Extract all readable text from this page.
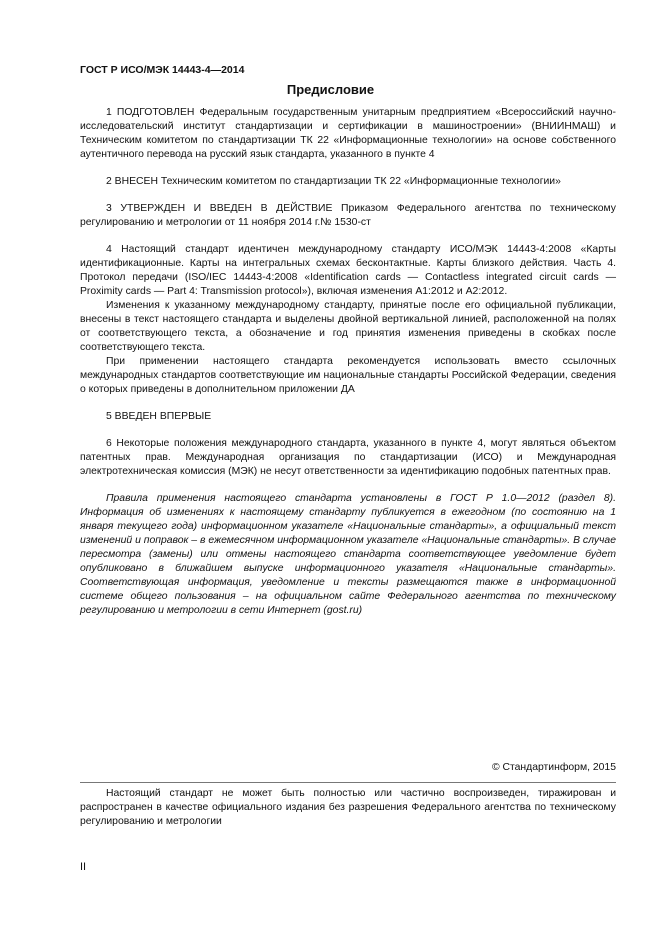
ГОСТ Р ИСО/МЭК 14443-4—2014
Предисловие

1 ПОДГОТОВЛЕН Федеральным государственным унитарным предприятием «Всероссийский научно-исследовательский институт стандартизации и сертификации в машиностроении» (ВНИИНМАШ) и Техническим комитетом по стандартизации ТК 22 «Информационные технологии» на основе собственного аутентичного перевода на русский язык стандарта, указанного в пункте 4

2 ВНЕСЕН Техническим комитетом по стандартизации ТК 22 «Информационные технологии»

3 УТВЕРЖДЕН И ВВЕДЕН В ДЕЙСТВИЕ Приказом Федерального агентства по техническому регулированию и метрологии от 11 ноября 2014 г.№ 1530-ст

4 Настоящий стандарт идентичен международному стандарту ИСО/МЭК 14443-4:2008 «Карты идентификационные. Карты на интегральных схемах бесконтактные. Карты близкого действия. Часть 4. Протокол передачи (ISO/IEC 14443-4:2008 «Identification cards — Contactless integrated circuit cards — Proximity cards — Part 4: Transmission protocol»), включая изменения А1:2012 и А2:2012.

Изменения к указанному международному стандарту, принятые после его официальной публикации, внесены в текст настоящего стандарта и выделены двойной вертикальной линией, расположенной на полях от соответствующего текста, а обозначение и год принятия изменения приведены в скобках после соответствующего текста.

При применении настоящего стандарта рекомендуется использовать вместо ссылочных международных стандартов соответствующие им национальные стандарты Российской Федерации, сведения о которых приведены в дополнительном приложении ДА

5 ВВЕДЕН ВПЕРВЫЕ

6 Некоторые положения международного стандарта, указанного в пункте 4, могут являться объектом патентных прав. Международная организация по стандартизации (ИСО) и Международная электротехническая комиссия (МЭК) не несут ответственности за идентификацию подобных патентных прав.

Правила применения настоящего стандарта установлены в ГОСТ Р 1.0—2012 (раздел 8). Информация об изменениях к настоящему стандарту публикуется в ежегодном (по состоянию на 1 января текущего года) информационном указателе «Национальные стандарты», а официальный текст изменений и поправок – в ежемесячном информационном указателе «Национальные стандарты». В случае пересмотра (замены) или отмены настоящего стандарта соответствующее уведомление будет опубликовано в ближайшем выпуске информационного указателя «Национальные стандарты». Соответствующая информация, уведомление и тексты размещаются также в информационной системе общего пользования – на официальном сайте Федерального агентства по техническому регулированию и метрологии в сети Интернет (gost.ru)

© Стандартинформ, 2015

Настоящий стандарт не может быть полностью или частично воспроизведен, тиражирован и распространен в качестве официального издания без разрешения Федерального агентства по техническому регулированию и метрологии

II
